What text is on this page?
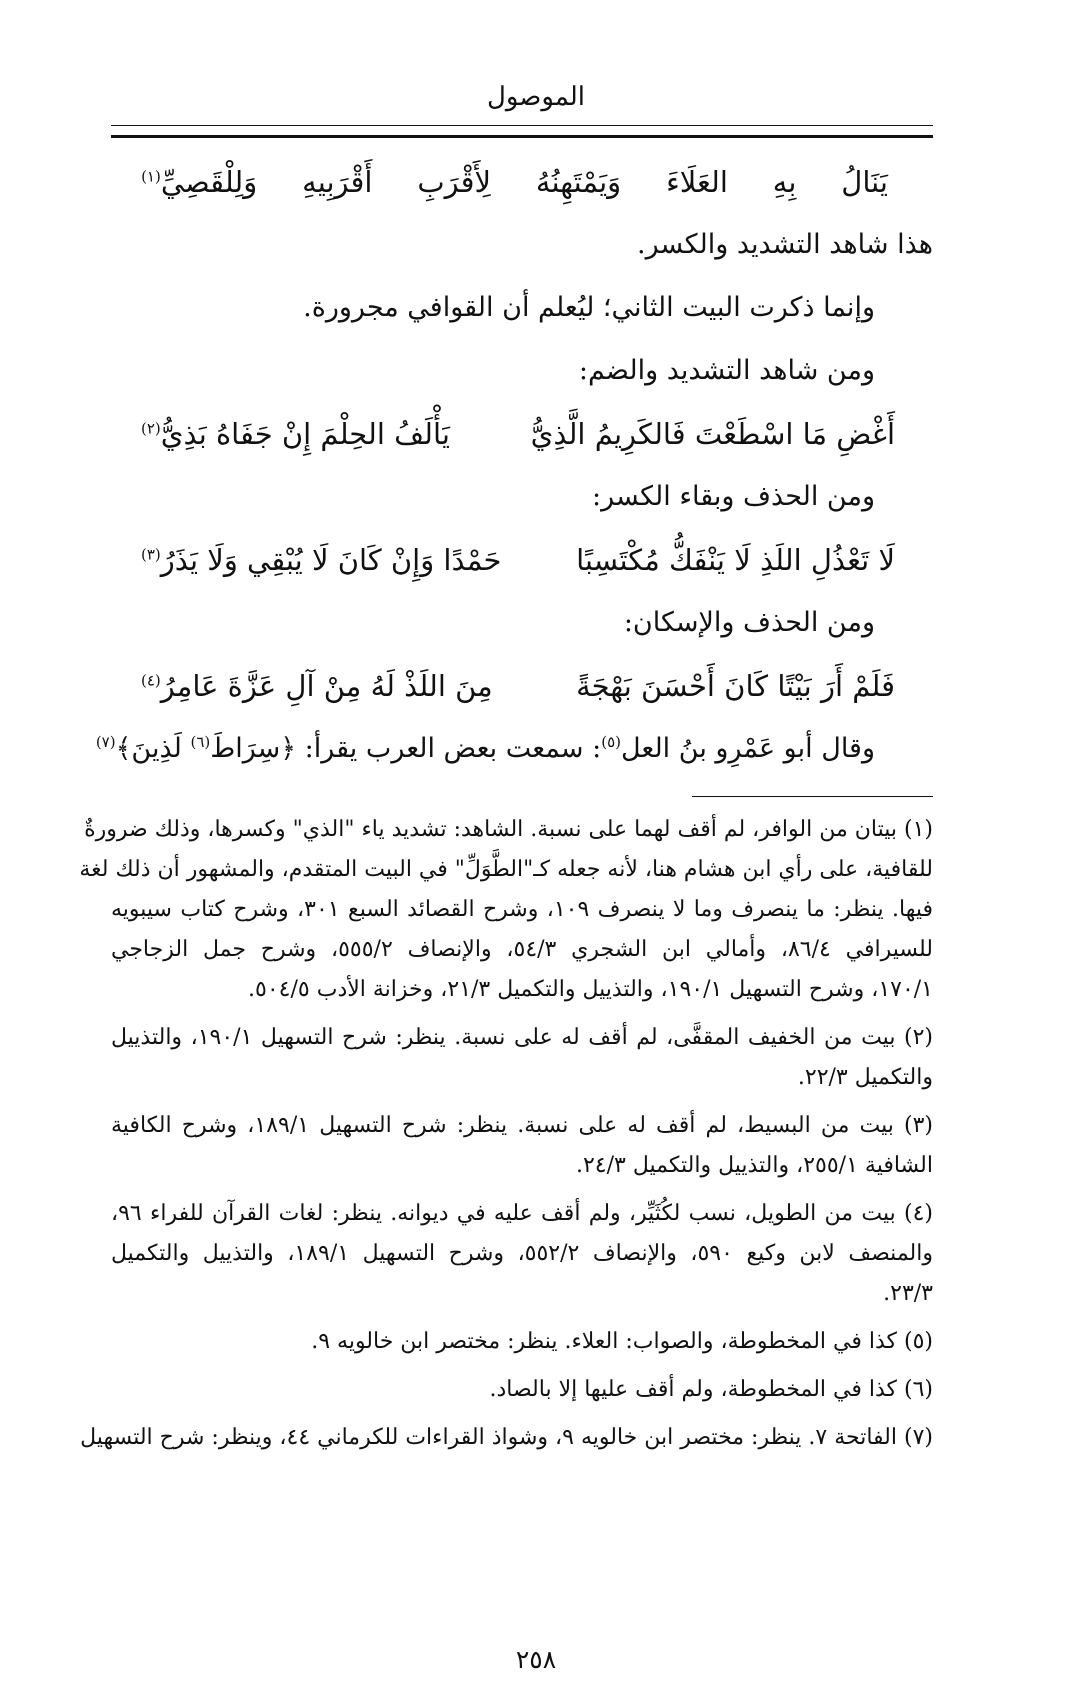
الموصول
يَنَالُ
بِهِ
العَلَاءَ
وَيَمْتَهِنُهُ
لِأَقْرَبِ
أَقْرَبِيهِ
وَلِلْقَصِيِّ$^{(١)}$
هذا شاهد التشديد والكسر.
وإنما ذكرت البيت الثاني؛ ليُعلم أن القوافي مجرورة.
ومن شاهد التشديد والضم:
أَغْضِ مَا اسْطَعْتَ فَالكَرِيمُ الَّذِيُّ
يَأْلَفُ الحِلْمَ إِنْ جَفَاهُ بَذِيُّ$^{(٢)}$
ومن الحذف وبقاء الكسر:
لَا تَعْذُلِ اللَذِ لَا يَنْفَكُّ مُكْتَسِبًا
حَمْدًا وَإِنْ كَانَ لَا يُبْقِي وَلَا يَذَرُ$^{(٣)}$
ومن الحذف والإسكان:
فَلَمْ أَرَ بَيْتًا كَانَ أَحْسَنَ بَهْجَةً
مِنَ اللَذْ لَهُ مِنْ آلِ عَزَّةَ عَامِرُ$^{(٤)}$
وقال أبو عَمْرِو بنُ العل$^{(٥)}$: سمعت بعض العرب يقرأ: ﴿سِرَاطَ$^{(٦)}$ لَذِينَ﴾$^{(٧)}$
(١) بيتان من الوافر، لم أقف لهما على نسبة. الشاهد: تشديد ياء "الذي" وكسرها، وذلك ضرورةٌ
للقافية، على رأي ابن هشام هنا، لأنه جعله كـ"الطَّوَلِّ" في البيت المتقدم، والمشهور أن ذلك لغة
فيها. ينظر: ما ينصرف وما لا ينصرف ١٠٩، وشرح القصائد السبع ٣٠١، وشرح كتاب سيبويه
للسيرافي ٨٦/٤، وأمالي ابن الشجري ٥٤/٣، والإنصاف ٥٥٥/٢، وشرح جمل الزجاجي
١٧٠/١، وشرح التسهيل ١٩٠/١، والتذييل والتكميل ٢١/٣، وخزانة الأدب ٥٠٤/٥.
(٢) بيت من الخفيف المقفَّى، لم أقف له على نسبة. ينظر: شرح التسهيل ١٩٠/١، والتذييل
والتكميل ٢٢/٣.
(٣) بيت من البسيط، لم أقف له على نسبة. ينظر: شرح التسهيل ١٨٩/١، وشرح الكافية
الشافية ٢٥٥/١، والتذييل والتكميل ٢٤/٣.
(٤) بيت من الطويل، نسب لكُثَيِّر، ولم أقف عليه في ديوانه. ينظر: لغات القرآن للفراء ٩٦،
والمنصف لابن وكيع ٥٩٠، والإنصاف ٥٥٢/٢، وشرح التسهيل ١٨٩/١، والتذييل والتكميل
٢٣/٣.
(٥) كذا في المخطوطة، والصواب: العلاء. ينظر: مختصر ابن خالويه ٩.
(٦) كذا في المخطوطة، ولم أقف عليها إلا بالصاد.
(٧) الفاتحة ٧. ينظر: مختصر ابن خالويه ٩، وشواذ القراءات للكرماني ٤٤، وينظر: شرح التسهيل
٢٥٨
